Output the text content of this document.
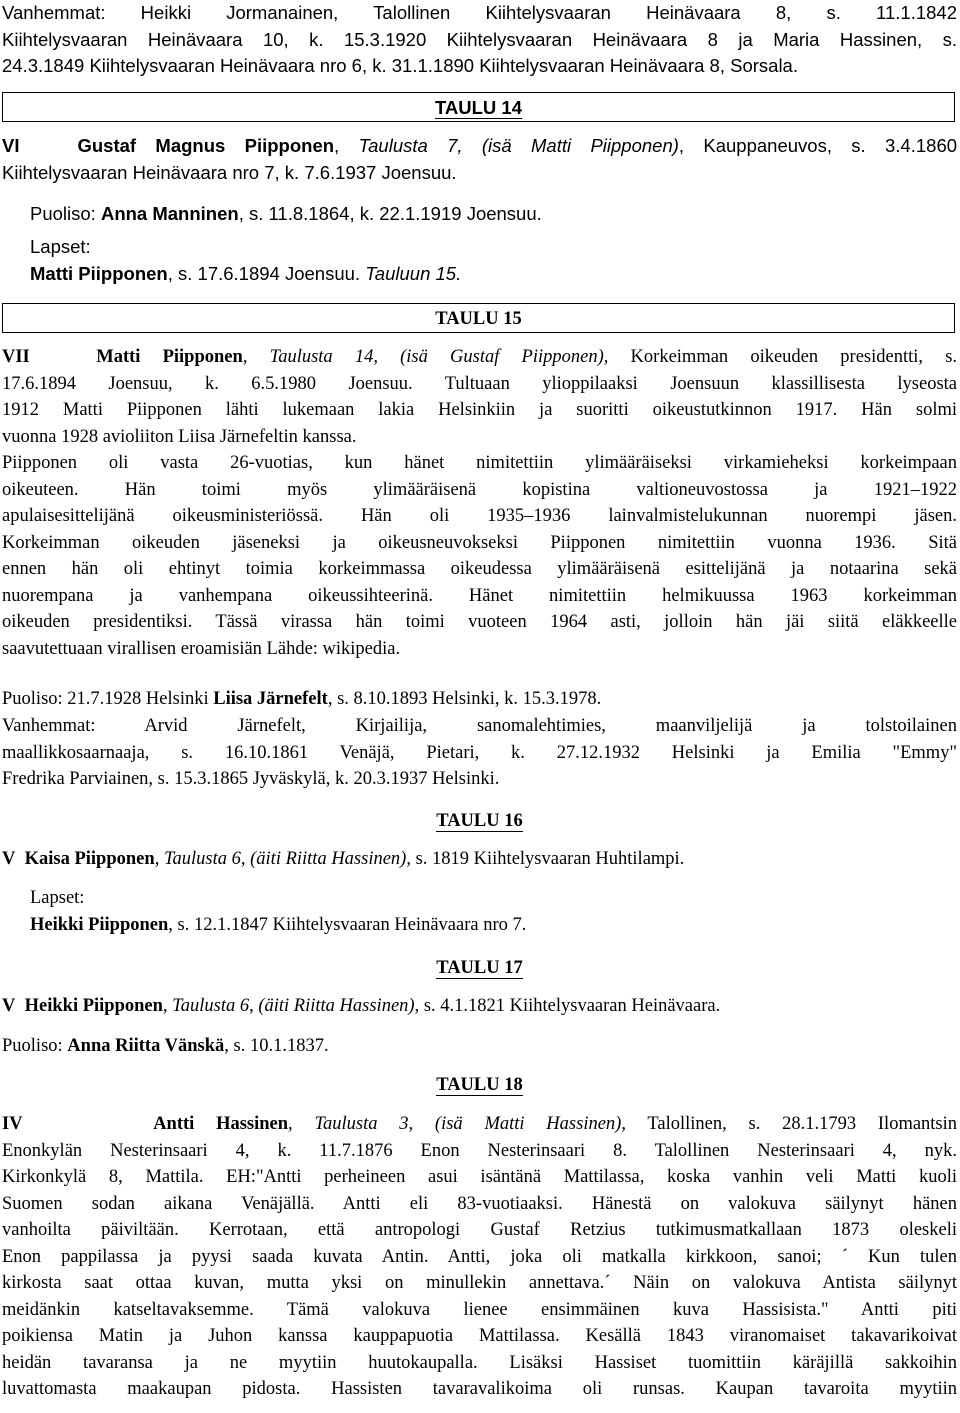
Vanhemmat: Heikki Jormanainen, Talollinen Kiihtelysvaaran Heinävaara 8, s. 11.1.1842
Kiihtelysvaaran Heinävaara 10, k. 15.3.1920 Kiihtelysvaaran Heinävaara 8 ja Maria Hassinen, s.
24.3.1849 Kiihtelysvaaran Heinävaara nro 6, k. 31.1.1890 Kiihtelysvaaran Heinävaara 8, Sorsala.
TAULU 14
VI	Gustaf Magnus Piipponen, Taulusta 7, (isä Matti Piipponen), Kauppaneuvos, s. 3.4.1860
Kiihtelysvaaran Heinävaara nro 7, k. 7.6.1937 Joensuu.
Puoliso: Anna Manninen, s. 11.8.1864, k. 22.1.1919 Joensuu.
Lapset:
Matti Piipponen, s. 17.6.1894 Joensuu. Tauluun 15.
TAULU 15
VII	Matti Piipponen, Taulusta 14, (isä Gustaf Piipponen), Korkeimman oikeuden presidentti, s.
17.6.1894 Joensuu, k. 6.5.1980 Joensuu. Tultuaan ylioppilaaksi Joensuun klassillisesta lyseosta
1912 Matti Piipponen lähti lukemaan lakia Helsinkiin ja suoritti oikeustutkinnon 1917. Hän solmi
vuonna 1928 avioliiton Liisa Järnefeltin kanssa.
Piipponen oli vasta 26-vuotias, kun hänet nimitettiin ylimääräiseksi virkamieheksi korkeimpaan
oikeuteen. Hän toimi myös ylimääräisenä kopistina valtioneuvostossa ja 1921–1922
apulaisesittelijänä oikeusministeriössä. Hän oli 1935–1936 lainvalmistelukunnan nuorempi jäsen.
Korkeimman oikeuden jäseneksi ja oikeusneuvokseksi Piipponen nimitettiin vuonna 1936. Sitä
ennen hän oli ehtinyt toimia korkeimmassa oikeudessa ylimääräisenä esittelijänä ja notaarina sekä
nuorempana ja vanhempana oikeussihteerinä. Hänet nimitettiin helmikuussa 1963 korkeimman
oikeuden presidentiksi. Tässä virassa hän toimi vuoteen 1964 asti, jolloin hän jäi siitä eläkkeelle
saavutettuaan virallisen eroamisiän Lähde: wikipedia.
Puoliso: 21.7.1928 Helsinki Liisa Järnefelt, s. 8.10.1893 Helsinki, k. 15.3.1978.
Vanhemmat: Arvid Järnefelt, Kirjailija, sanomalehtimies, maanviljelijä ja tolstoilainen
maallikkosaarnaaja, s. 16.10.1861 Venäjä, Pietari, k. 27.12.1932 Helsinki ja Emilia "Emmy"
Fredrika Parviainen, s. 15.3.1865 Jyväskylä, k. 20.3.1937 Helsinki.
TAULU 16
V Kaisa Piipponen, Taulusta 6, (äiti Riitta Hassinen), s. 1819 Kiihtelysvaaran Huhtilampi.
Lapset:
Heikki Piipponen, s. 12.1.1847 Kiihtelysvaaran Heinävaara nro 7.
TAULU 17
V Heikki Piipponen, Taulusta 6, (äiti Riitta Hassinen), s. 4.1.1821 Kiihtelysvaaran Heinävaara.
Puoliso: Anna Riitta Vänskä, s. 10.1.1837.
TAULU 18
IV	Antti Hassinen, Taulusta 3, (isä Matti Hassinen), Talollinen, s. 28.1.1793 Ilomantsin
Enonkylän Nesterinsaari 4, k. 11.7.1876 Enon Nesterinsaari 8. Talollinen Nesterinsaari 4, nyk.
Kirkonkylä 8, Mattila. EH:"Antti perheineen asui isäntänä Mattilassa, koska vanhin veli Matti kuoli
Suomen sodan aikana Venäjällä. Antti eli 83-vuotiaaksi. Hänestä on valokuva säilynyt hänen
vanhoilta päiviltään. Kerrotaan, että antropologi Gustaf Retzius tutkimusmatkallaan 1873 oleskeli
Enon pappilassa ja pyysi saada kuvata Antin. Antti, joka oli matkalla kirkkoon, sanoi; ´ Kun tulen
kirkosta saat ottaa kuvan, mutta yksi on minullekin annettava.´ Näin on valokuva Antista säilynyt
meidänkin katseltavaksemme. Tämä valokuva lienee ensimmäinen kuva Hassisista." Antti piti
poikiensa Matin ja Juhon kanssa kauppapuotia Mattilassa. Kesällä 1843 viranomaiset takavarikoivat
heidän tavaransa ja ne myytiin huutokaupalla. Lisäksi Hassiset tuomittiin käräjillä sakkoihin
luvattomasta maakaupan pidosta. Hassisten tavaravalikoima oli runsas. Kaupan tavaroita myytiin
